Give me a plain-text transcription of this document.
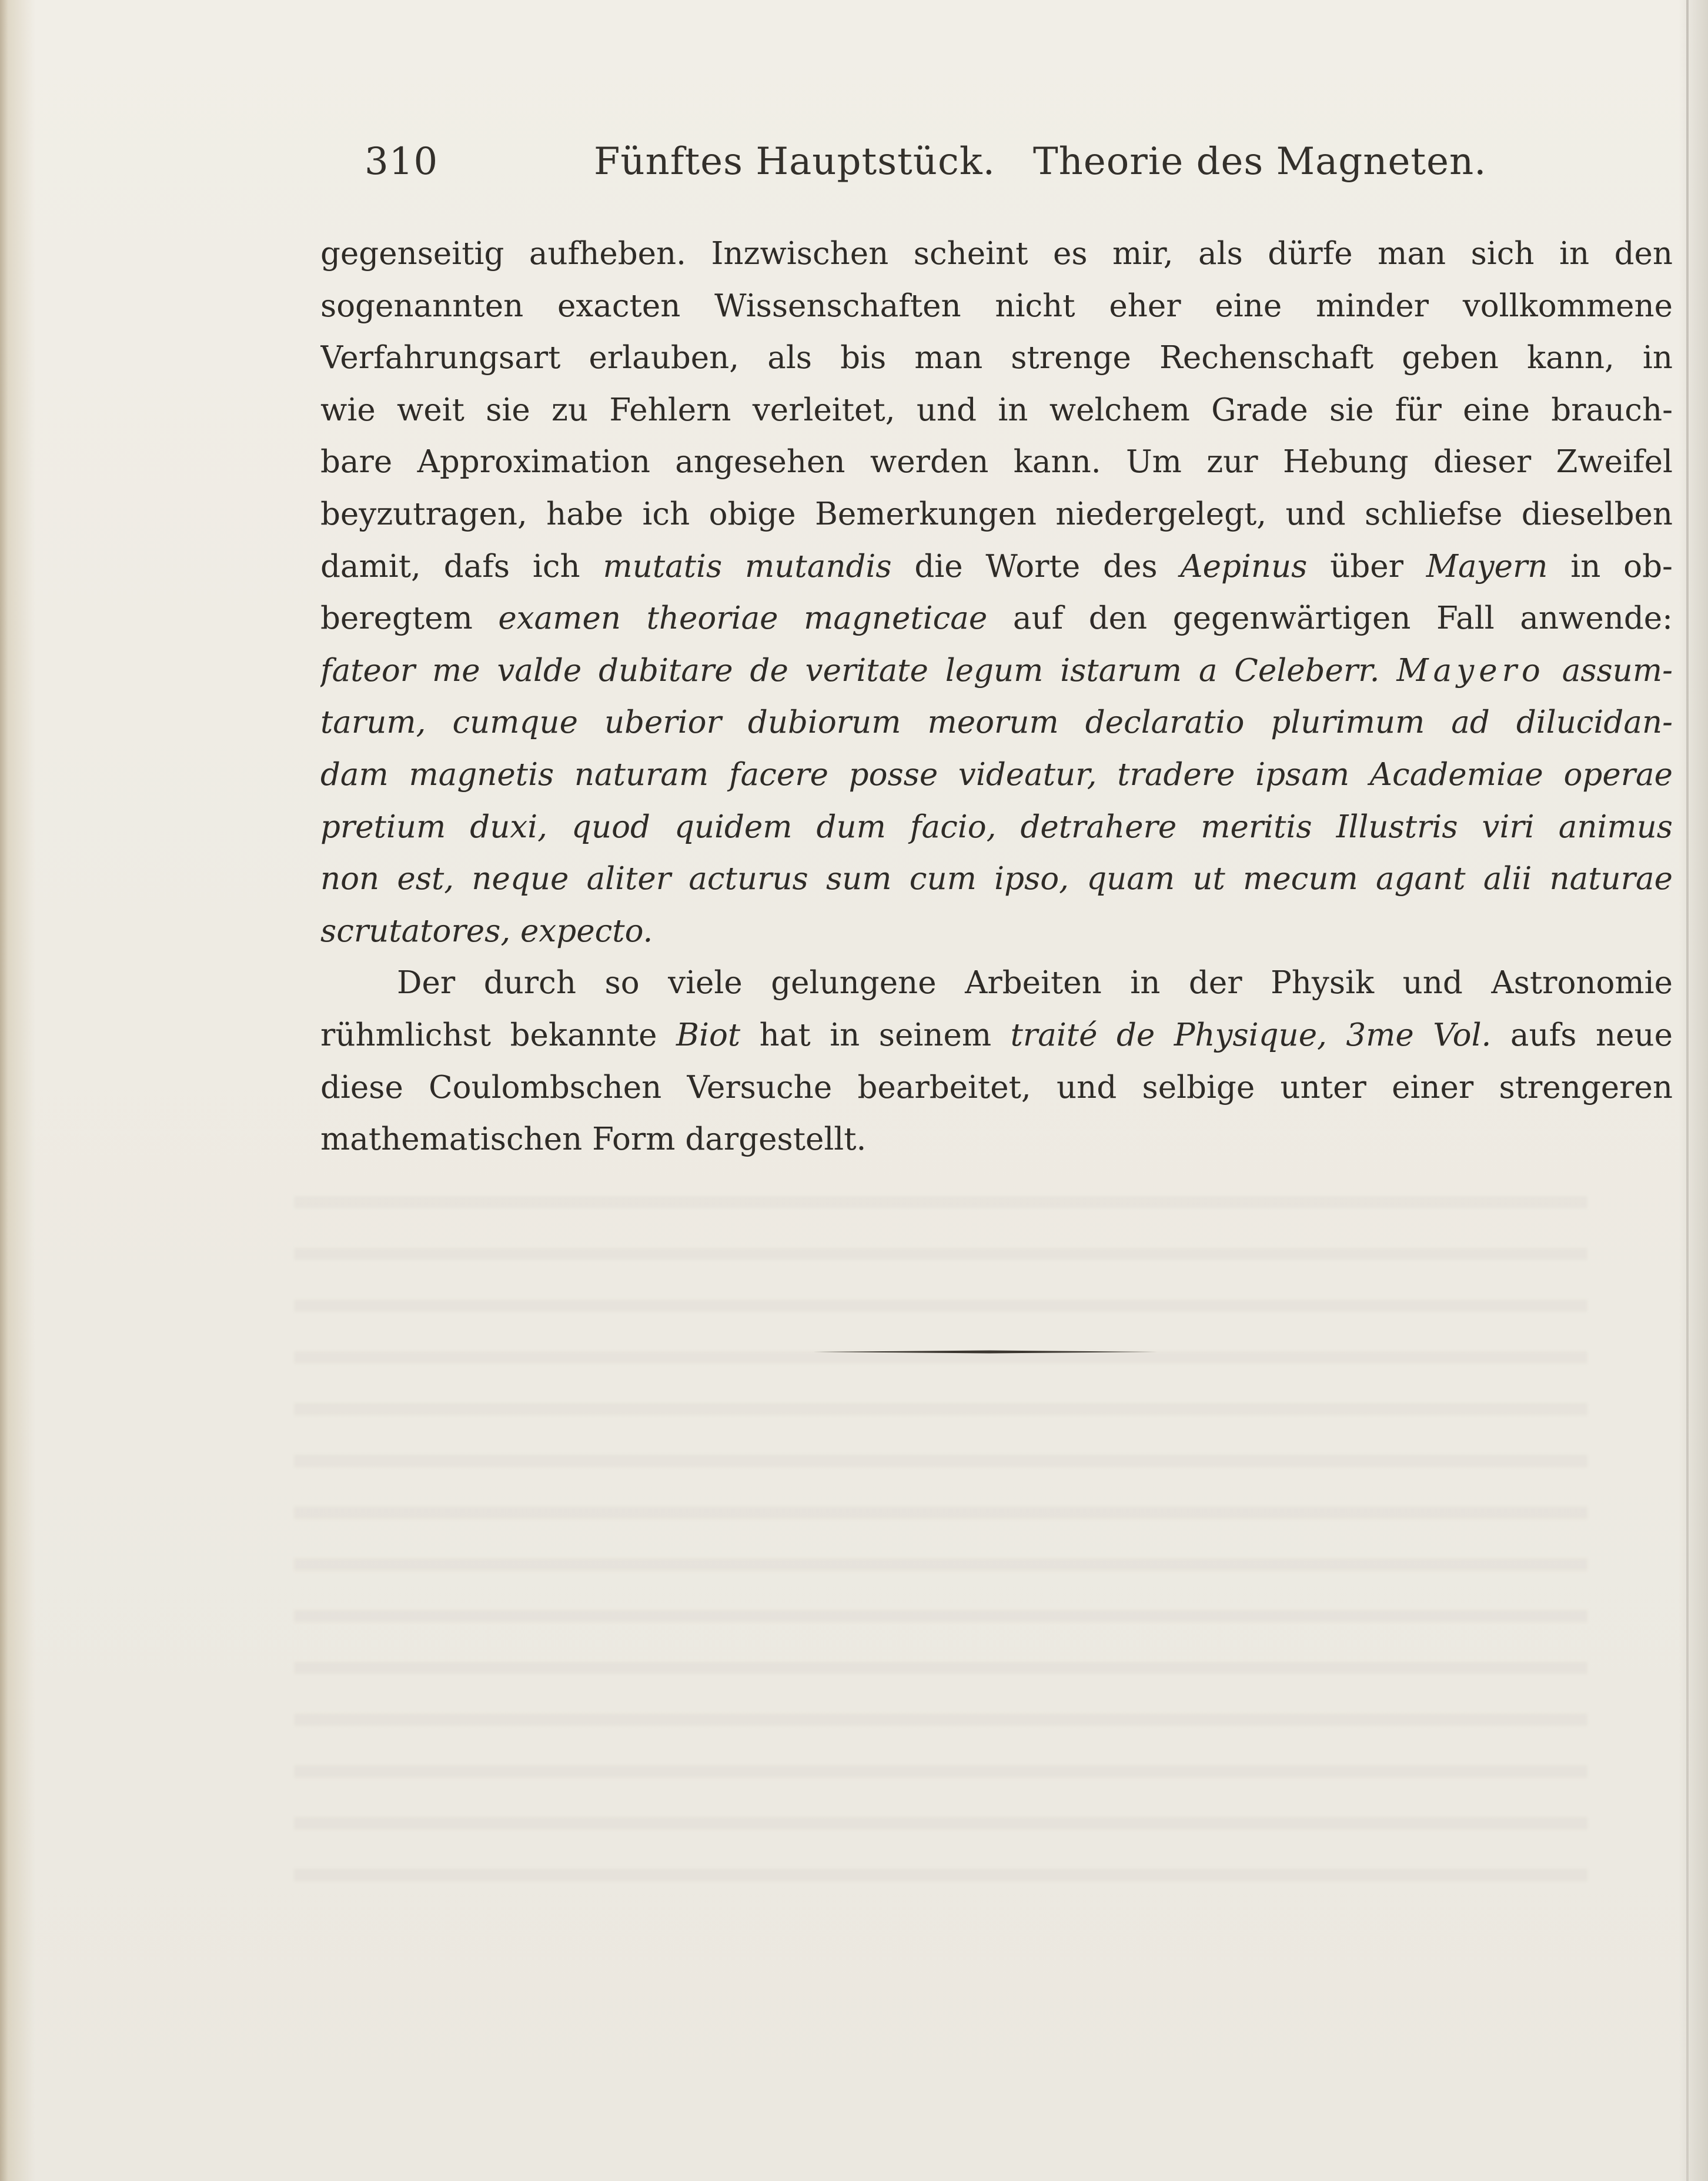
310	Fünftes Hauptstück.   Theorie des Magneten.
gegenseitig aufheben. Inzwischen scheint es mir, als dürfe man sich in den
sogenannten exacten Wissenschaften nicht eher eine minder vollkommene
Verfahrungsart erlauben, als bis man strenge Rechenschaft geben kann, in
wie weit sie zu Fehlern verleitet, und in welchem Grade sie für eine brauch-
bare Approximation angesehen werden kann. Um zur Hebung dieser Zweifel
beyzutragen, habe ich obige Bemerkungen niedergelegt, und schliefse dieselben
damit, dafs ich mutatis mutandis die Worte des Aepinus über Mayern in ob-
beregtem examen theoriae magneticae auf den gegenwärtigen Fall anwende:
fateor me valde dubitare de veritate legum istarum a Celeberr. Mayero assum-
tarum, cumque uberior dubiorum meorum declaratio plurimum ad dilucidan-
dam magnetis naturam facere posse videatur, tradere ipsam Academiae operae
pretium duxi, quod quidem dum facio, detrahere meritis Illustris viri animus
non est, neque aliter acturus sum cum ipso, quam ut mecum agant alii naturae
scrutatores, expecto.
Der durch so viele gelungene Arbeiten in der Physik und Astronomie
rühmlichst bekannte Biot hat in seinem traité de Physique, 3me Vol. aufs neue
diese Coulombschen Versuche bearbeitet, und selbige unter einer strengeren
mathematischen Form dargestellt.
